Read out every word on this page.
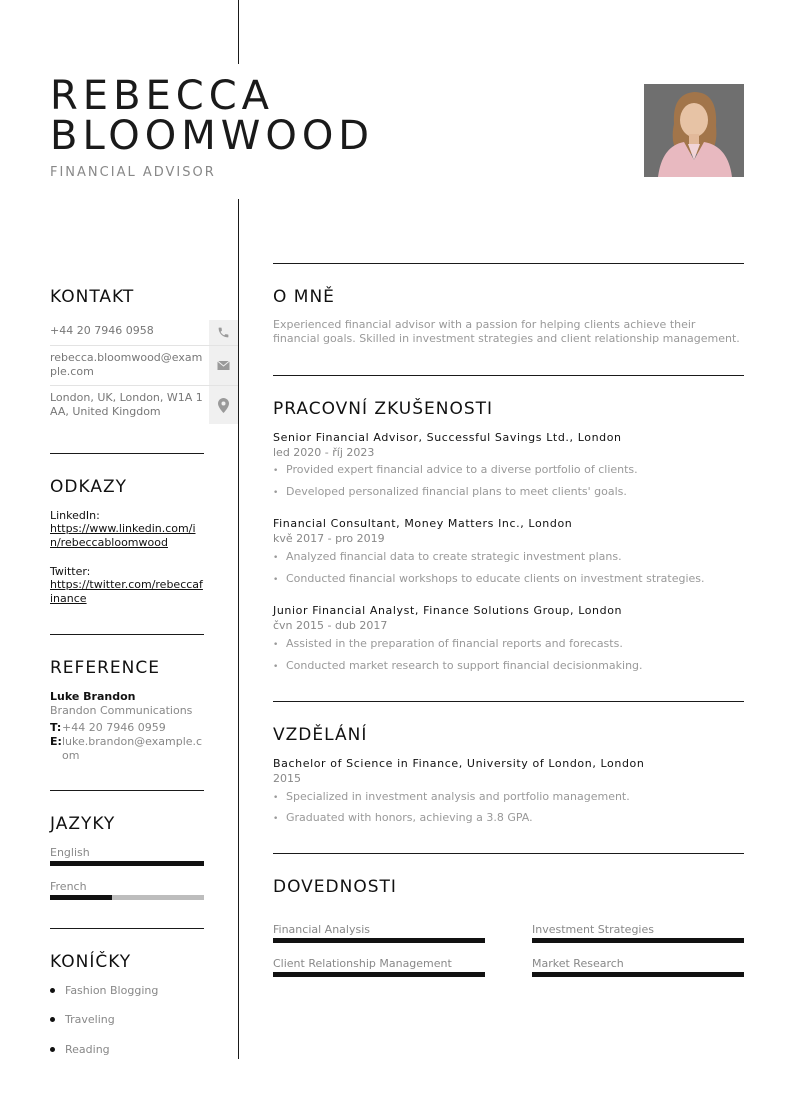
REBECCA
BLOOMWOOD
FINANCIAL ADVISOR
KONTAKT
+44 20 7946 0958
rebecca.bloomwood@example.com
London, UK, London, W1A 1AA, United Kingdom
ODKAZY
LinkedIn:
https://www.linkedin.com/in/rebeccabloomwood
Twitter:
https://twitter.com/rebeccafinance
REFERENCE
Luke Brandon
Brandon Communications
T: +44 20 7946 0959
E: luke.brandon@example.com
JAZYKY
English
French
KONÍČKY
Fashion Blogging
Traveling
Reading
O MNĚ
Experienced financial advisor with a passion for helping clients achieve their financial goals. Skilled in investment strategies and client relationship management.
PRACOVNÍ ZKUŠENOSTI
Senior Financial Advisor, Successful Savings Ltd., London
led 2020 - říj 2023
• Provided expert financial advice to a diverse portfolio of clients.
• Developed personalized financial plans to meet clients' goals.
Financial Consultant, Money Matters Inc., London
kvě 2017 - pro 2019
• Analyzed financial data to create strategic investment plans.
• Conducted financial workshops to educate clients on investment strategies.
Junior Financial Analyst, Finance Solutions Group, London
čvn 2015 - dub 2017
• Assisted in the preparation of financial reports and forecasts.
• Conducted market research to support financial decisionmaking.
VZDĚLÁNÍ
Bachelor of Science in Finance, University of London, London
2015
• Specialized in investment analysis and portfolio management.
• Graduated with honors, achieving a 3.8 GPA.
DOVEDNOSTI
Financial Analysis	Investment Strategies
Client Relationship Management	Market Research
